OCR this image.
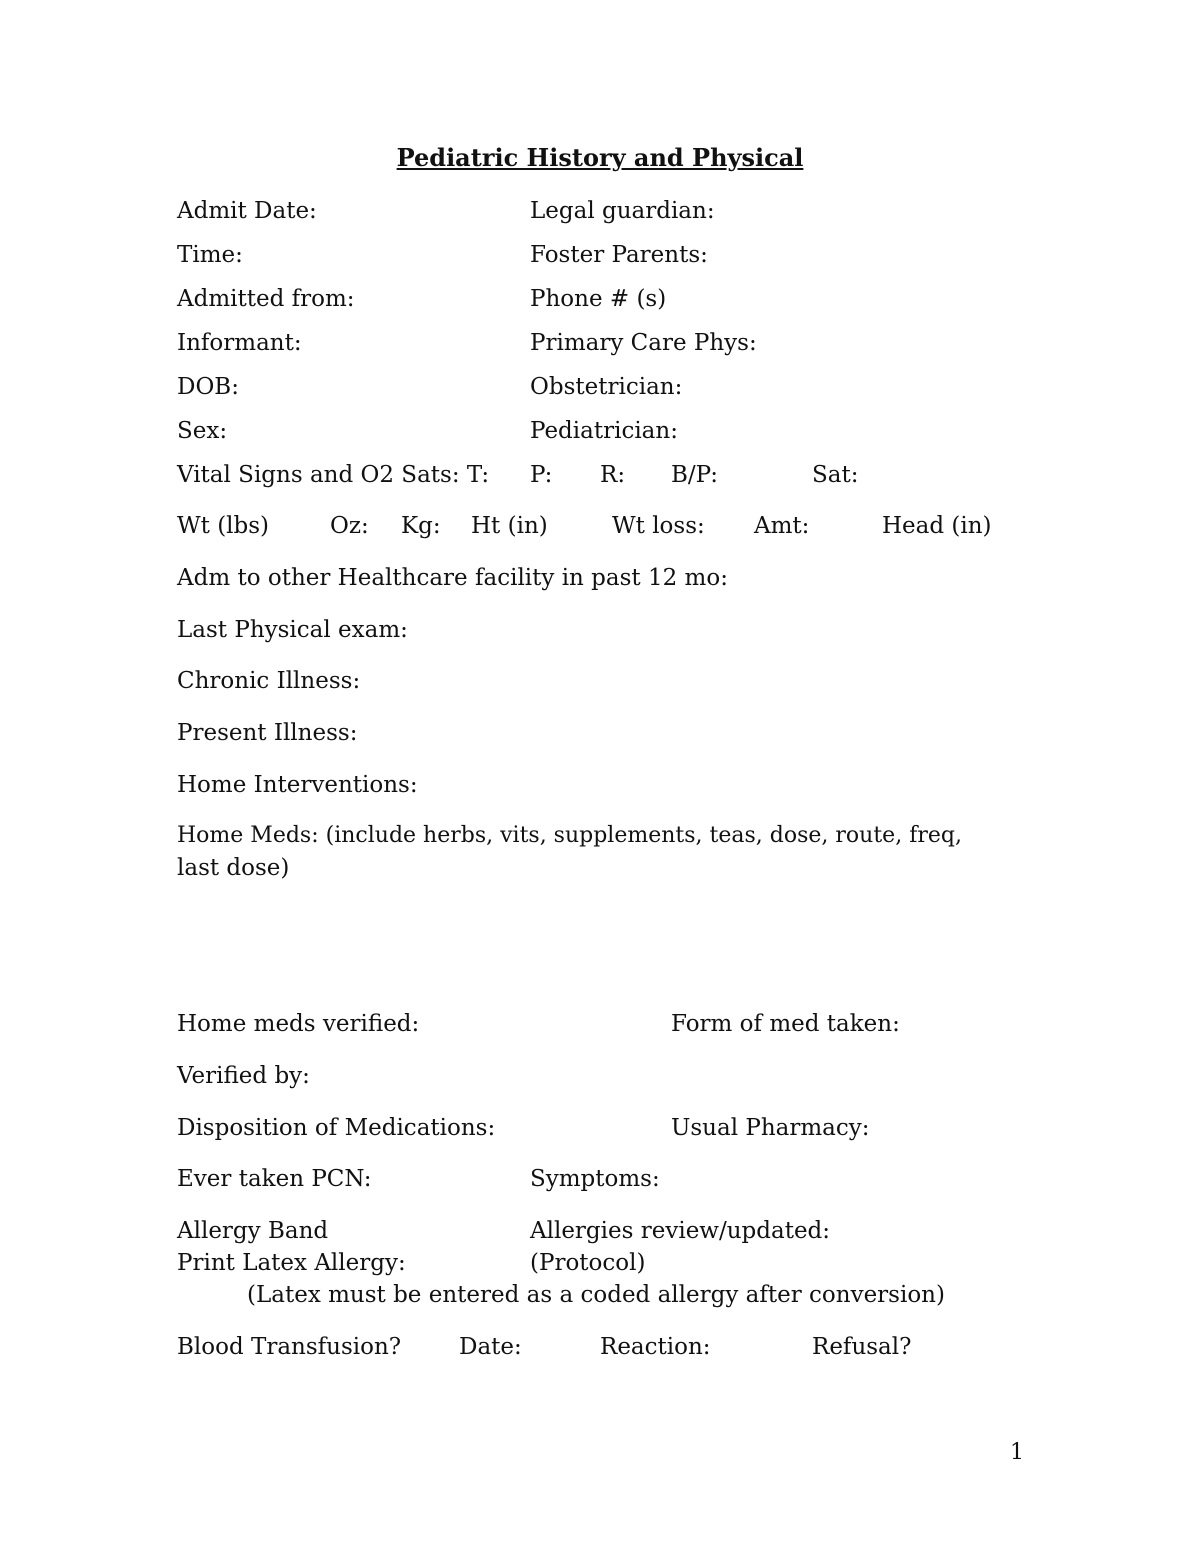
Pediatric History and Physical
Admit Date:	Legal guardian:
Time:	Foster Parents:
Admitted from:	Phone # (s)
Informant:	Primary Care Phys:
DOB:	Obstetrician:
Sex:	Pediatrician:
Vital Signs and O2 Sats: T: P: R: B/P:	Sat:
Wt (lbs)	Oz: Kg: Ht (in)	Wt loss: Amt:	Head (in)
Adm to other Healthcare facility in past 12 mo:
Last Physical exam:
Chronic Illness:
Present Illness:
Home Interventions:
Home Meds: (include herbs, vits, supplements, teas, dose, route, freq,
last dose)
Home meds verified:	Form of med taken:
Verified by:
Disposition of Medications:	Usual Pharmacy:
Ever taken PCN:	Symptoms:
Allergy Band	Allergies review/updated:
Print Latex Allergy:	(Protocol)
(Latex must be entered as a coded allergy after conversion)
Blood Transfusion?	Date:	Reaction:	Refusal?
1
